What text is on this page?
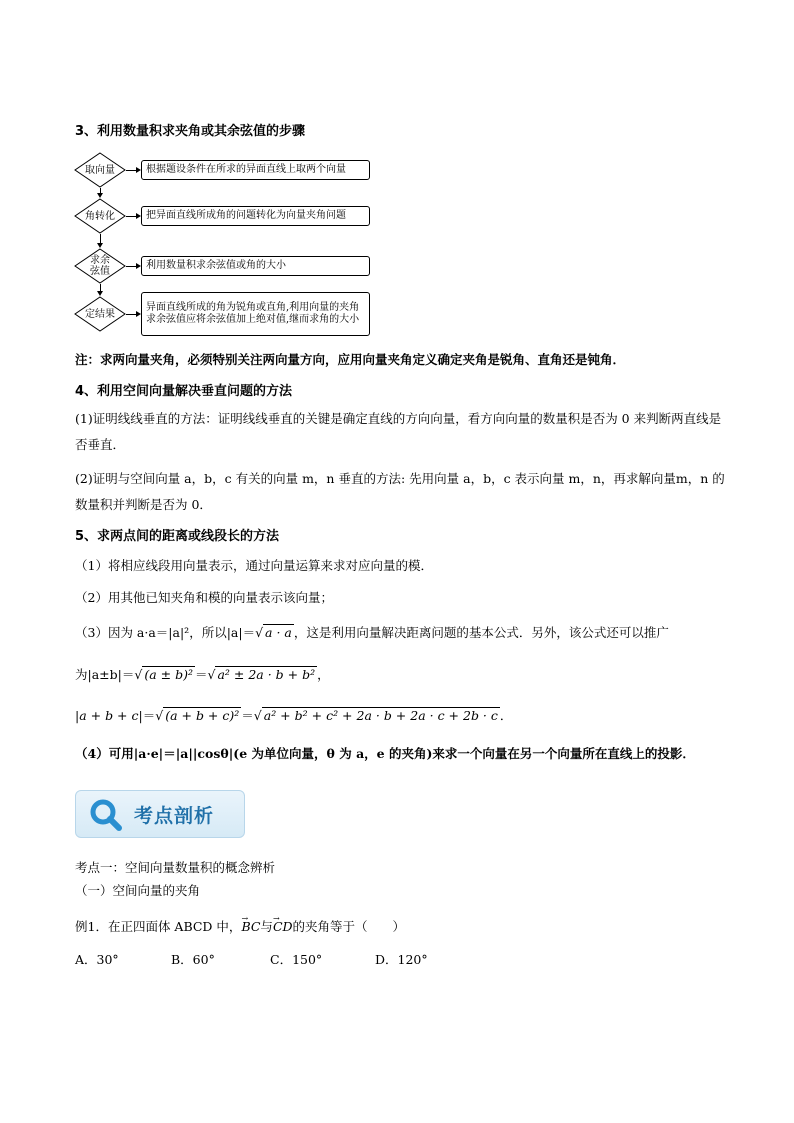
3、利用数量积求夹角或其余弦值的步骤
取向量
角转化
求余
弦值
定结果
根据题设条件在所求的异面直线上取两个向量
把异面直线所成角的问题转化为向量夹角问题
利用数量积求余弦值或角的大小
异面直线所成的角为锐角或直角,利用向量的夹角求余弦值应将余弦值加上绝对值,继而求角的大小
注：求两向量夹角，必须特别关注两向量方向，应用向量夹角定义确定夹角是锐角、直角还是钝角．
4、利用空间向量解决垂直问题的方法
(1)证明线线垂直的方法：证明线线垂直的关键是确定直线的方向向量，看方向向量的数量积是否为 0 来判断两直线是否垂直．
(2)证明与空间向量 a，b，c 有关的向量 m，n 垂直的方法: 先用向量 a，b，c 表示向量 m，n，再求解向量m，n 的数量积并判断是否为 0．
5、求两点间的距离或线段长的方法
（1）将相应线段用向量表示，通过向量运算来求对应向量的模．
（2）用其他已知夹角和模的向量表示该向量；
（3）因为 a·a＝|a|²，所以|a|＝√ a · a ，这是利用向量解决距离问题的基本公式．另外，该公式还可以推广
为|a±b|＝√ (a ± b)² ＝√ a² ± 2a · b + b² ，
|a + b + c|＝√ (a + b + c)² ＝√ a² + b² + c² + 2a · b + 2a · c + 2b · c ．
（4）可用|a·e|＝|a||cosθ|(e 为单位向量，θ 为 a，e 的夹角)来求一个向量在另一个向量所在直线上的投影．
考点剖析
考点一：空间向量数量积的概念辨析
（一）空间向量的夹角
例1．在正四面体 ABCD 中，→ BC与→ CD的夹角等于（　　）
A．30°	B．60°	C．150°	D．120°
